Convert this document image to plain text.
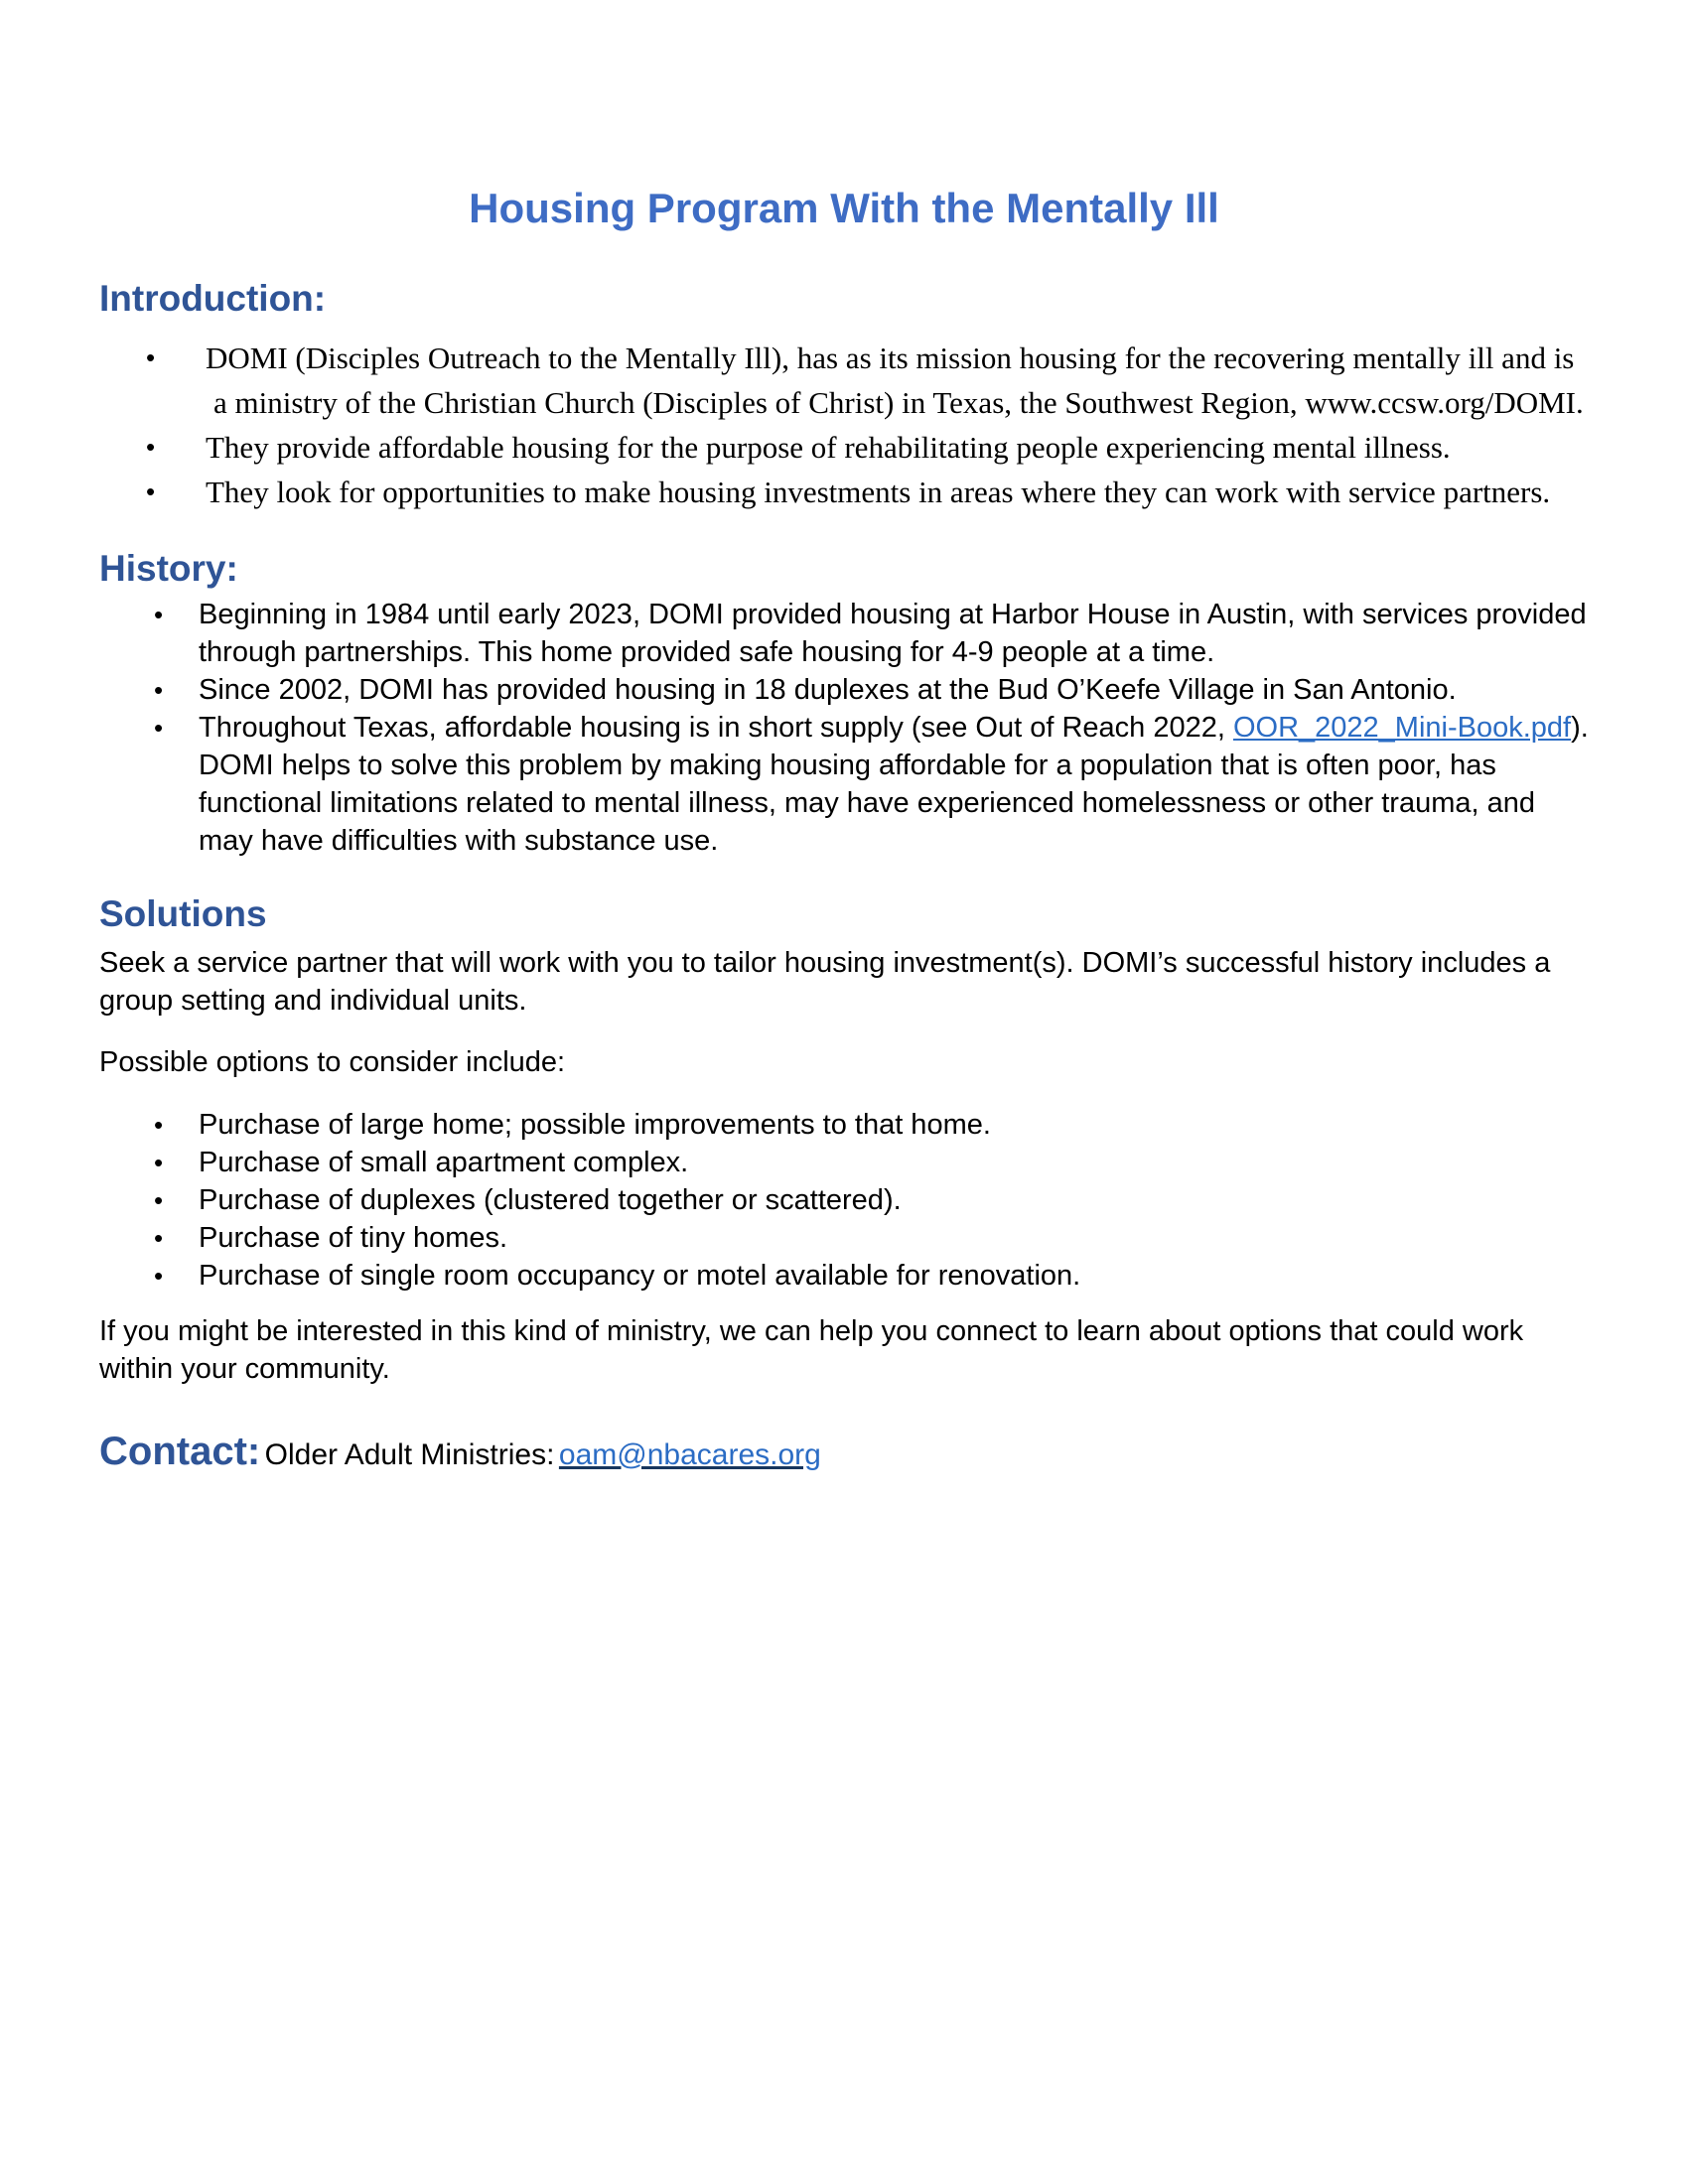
Housing Program With the Mentally Ill
Introduction:
• DOMI (Disciples Outreach to the Mentally Ill), has as its mission housing for the recovering mentally ill and is a ministry of the Christian Church (Disciples of Christ) in Texas, the Southwest Region, www.ccsw.org/DOMI.
• They provide affordable housing for the purpose of rehabilitating people experiencing mental illness.
• They look for opportunities to make housing investments in areas where they can work with service partners.
History:
• Beginning in 1984 until early 2023, DOMI provided housing at Harbor House in Austin, with services provided through partnerships. This home provided safe housing for 4-9 people at a time.
• Since 2002, DOMI has provided housing in 18 duplexes at the Bud O’Keefe Village in San Antonio.
• Throughout Texas, affordable housing is in short supply (see Out of Reach 2022, OOR_2022_Mini-Book.pdf). DOMI helps to solve this problem by making housing affordable for a population that is often poor, has functional limitations related to mental illness, may have experienced homelessness or other trauma, and may have difficulties with substance use.
Solutions

Seek a service partner that will work with you to tailor housing investment(s). DOMI’s successful history includes a group setting and individual units.

Possible options to consider include:

• Purchase of large home; possible improvements to that home.
• Purchase of small apartment complex.
• Purchase of duplexes (clustered together or scattered).
• Purchase of tiny homes.
• Purchase of single room occupancy or motel available for renovation.

If you might be interested in this kind of ministry, we can help you connect to learn about options that could work within your community.

Contact: Older Adult Ministries: oam@nbacares.org
